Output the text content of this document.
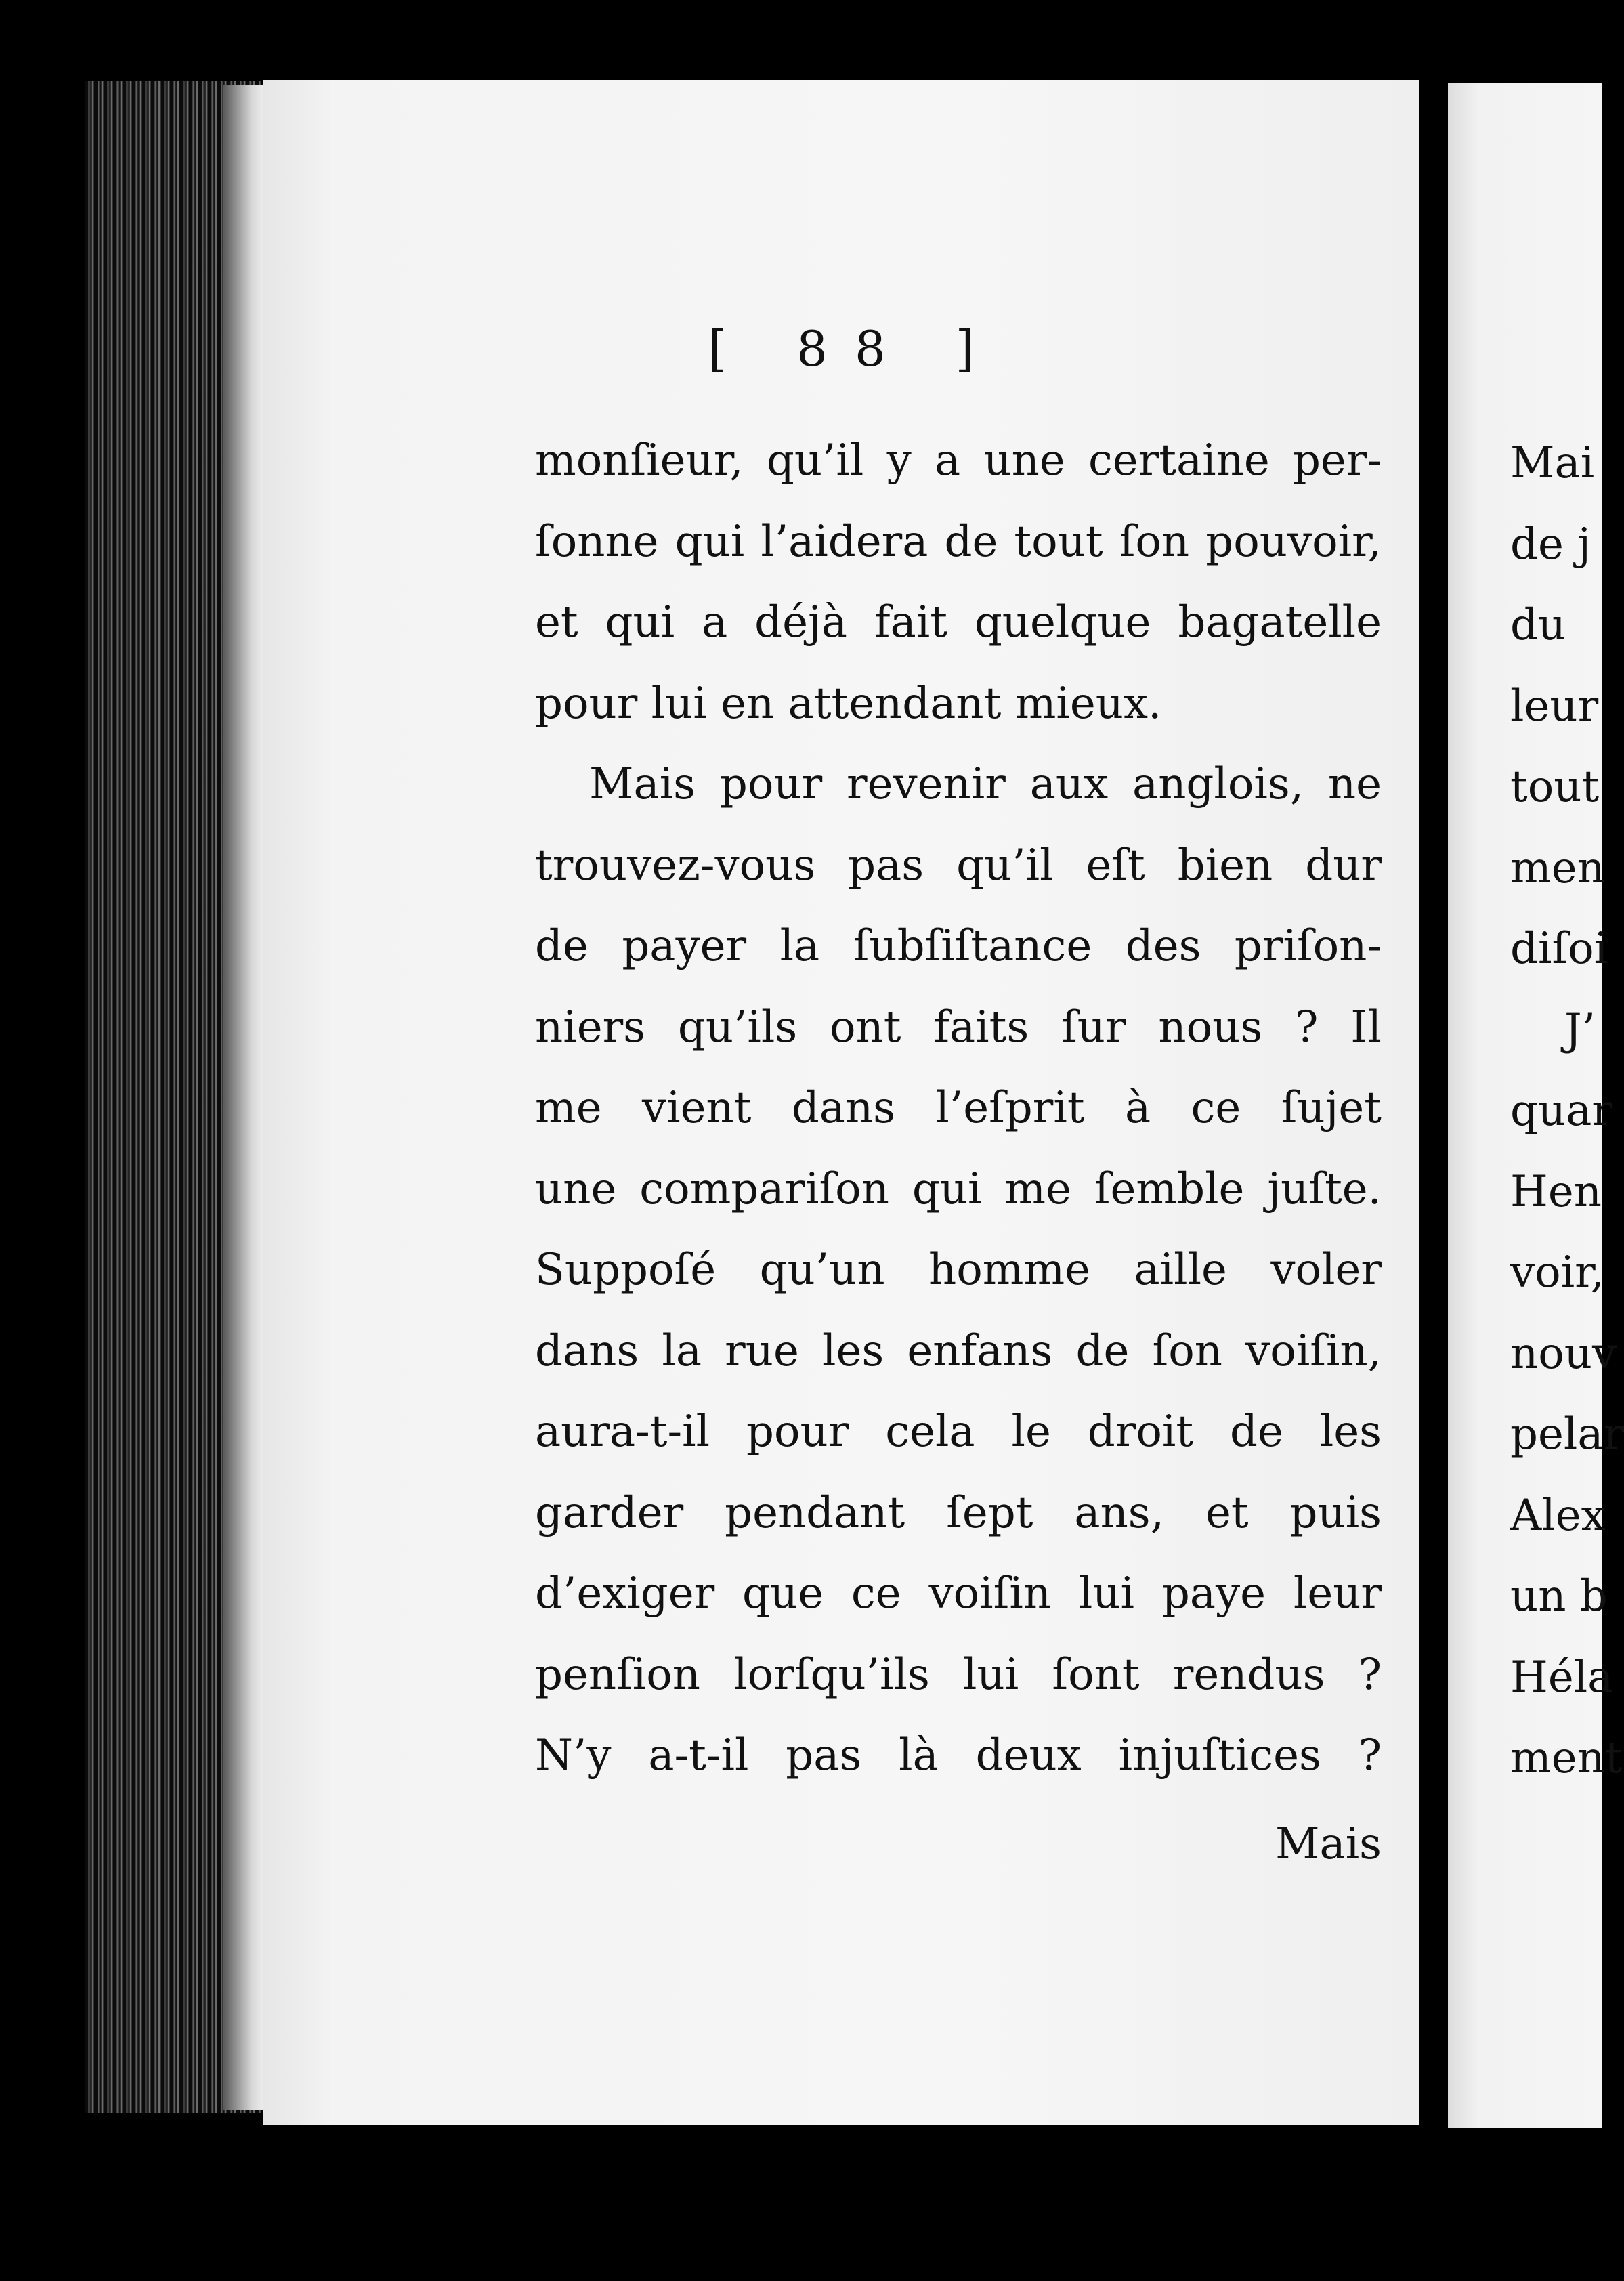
[ 88 ]
monſieur, qu’il y a une certaine per-
ſonne qui l’aidera de tout ſon pouvoir,
et qui a déjà fait quelque bagatelle
pour lui en attendant mieux.
Mais pour revenir aux anglois, ne
trouvez-vous pas qu’il eſt bien dur
de payer la ſubſiſtance des priſon-
niers qu’ils ont faits ſur nous ? Il
me vient dans l’eſprit à ce ſujet
une compariſon qui me ſemble juſte.
Suppoſé qu’un homme aille voler
dans la rue les enfans de ſon voiſin,
aura-t-il pour cela le droit de les
garder pendant ſept ans, et puis
d’exiger que ce voiſin lui paye leur
penſion lorſqu’ils lui ſont rendus ?
N’y a-t-il pas là deux injuſtices ?
Mais
Mai
de j
du
leur
tout
men
diſoi
J’
quar
Hen
voir,
nouv
pelar
Alex
un b
Héla
ment
